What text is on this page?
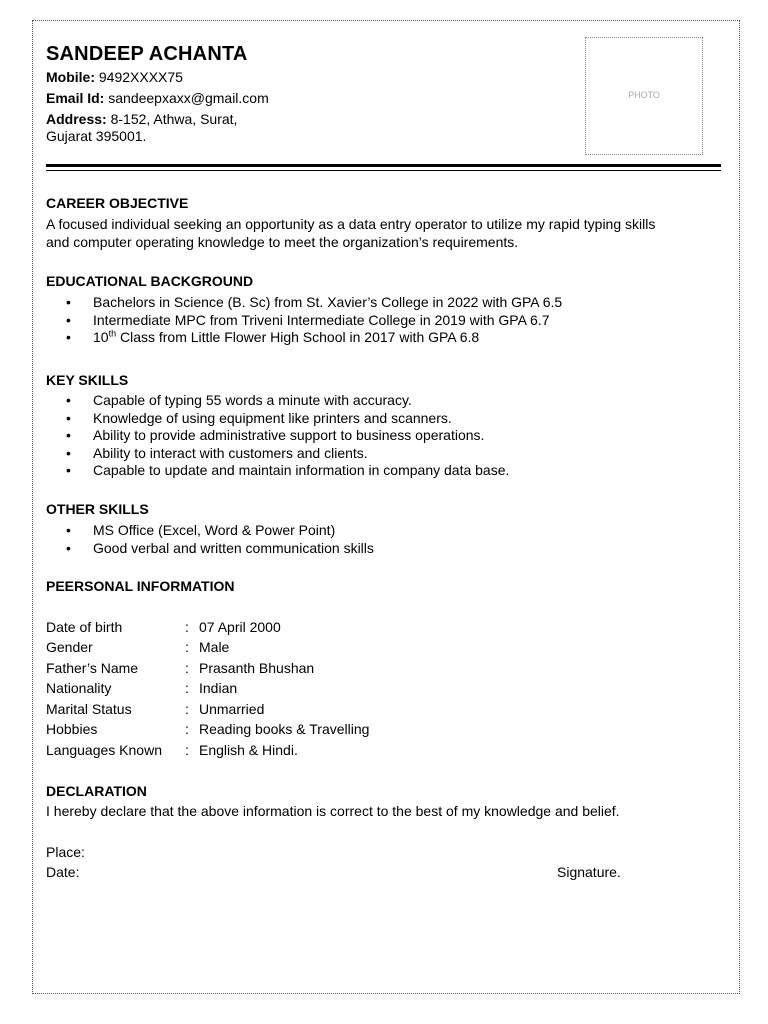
SANDEEP ACHANTA
Mobile: 9492XXXX75
Email Id: sandeepxaxx@gmail.com
Address: 8-152, Athwa, Surat,
Gujarat 395001.
PHOTO
CAREER OBJECTIVE
A focused individual seeking an opportunity as a data entry operator to utilize my rapid typing skills
and computer operating knowledge to meet the organization’s requirements.
EDUCATIONAL BACKGROUND
• Bachelors in Science (B. Sc) from St. Xavier’s College in 2022 with GPA 6.5
• Intermediate MPC from Triveni Intermediate College in 2019 with GPA 6.7
• 10th Class from Little Flower High School in 2017 with GPA 6.8
KEY SKILLS
• Capable of typing 55 words a minute with accuracy.
• Knowledge of using equipment like printers and scanners.
• Ability to provide administrative support to business operations.
• Ability to interact with customers and clients.
• Capable to update and maintain information in company data base.
OTHER SKILLS
• MS Office (Excel, Word & Power Point)
• Good verbal and written communication skills
PEERSONAL INFORMATION
Date of birth	: 07 April 2000
Gender	: Male
Father’s Name	: Prasanth Bhushan
Nationality	: Indian
Marital Status	: Unmarried
Hobbies	: Reading books & Travelling
Languages Known : English & Hindi.
DECLARATION
I hereby declare that the above information is correct to the best of my knowledge and belief.
Place:
Date:	Signature.
